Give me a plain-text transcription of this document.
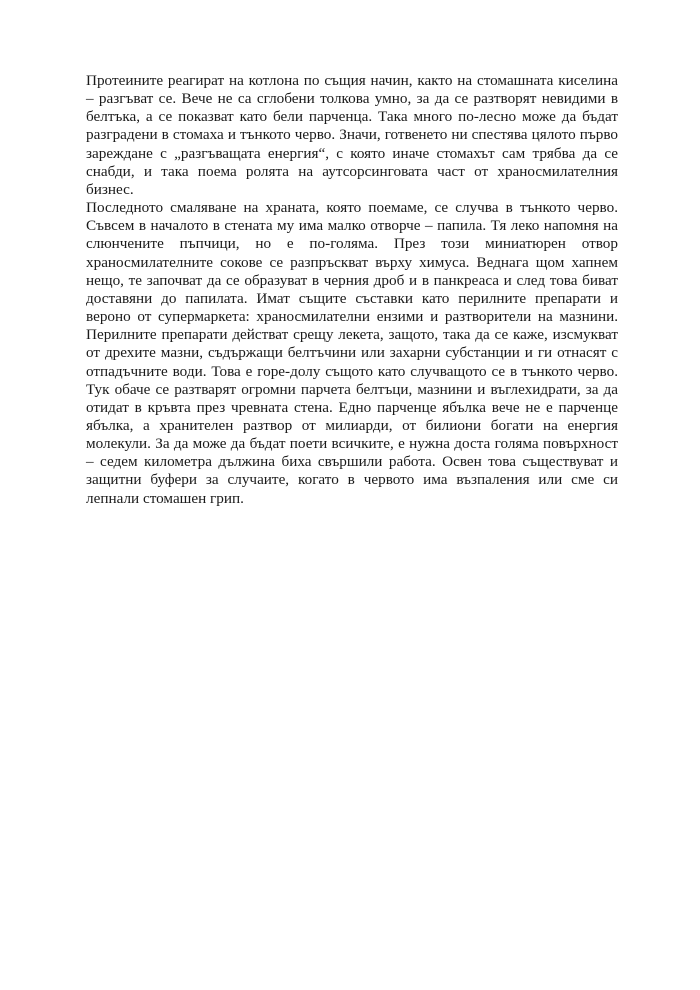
Протеините реагират на котлона по същия начин, както на стомашната киселина – разгъват се. Вече не са сглобени толкова умно, за да се разтворят невидими в белтъка, а се показват като бели парченца. Така много по-лесно може да бъдат разградени в стомаха и тънкото черво. Значи, готвенето ни спестява цялото първо зареждане с „разгъващата енергия“, с която иначе стомахът сам трябва да се снабди, и така поема ролята на аутсорсинговата част от храносмилателния бизнес.

Последното смаляване на храната, която поемаме, се случва в тънкото черво. Съвсем в началото в стената му има малко отворче – папила. Тя леко напомня на слюнчените пъпчици, но е по-голяма. През този миниатюрен отвор храносмилателните сокове се разпръскват върху химуса. Веднага щом хапнем нещо, те започват да се образуват в черния дроб и в панкреаса и след това биват доставяни до папилата. Имат същите съставки като перилните препарати и вероно от супермаркета: храносмилателни ензими и разтворители на мазнини. Перилните препарати действат срещу лекета, защото, така да се каже, изсмукват от дрехите мазни, съдържащи белтъчини или захарни субстанции и ги отнасят с отпадъчните води. Това е горе-долу същото като случващото се в тънкото черво. Тук обаче се разтварят огромни парчета белтъци, мазнини и въглехидрати, за да отидат в кръвта през чревната стена. Едно парченце ябълка вече не е парченце ябълка, а хранителен разтвор от милиарди, от билиони богати на енергия молекули. За да може да бъдат поети всичките, е нужна доста голяма повърхност – седем километра дължина биха свършили работа. Освен това съществуват и защитни буфери за случаите, когато в червото има възпаления или сме си лепнали стомашен грип.
